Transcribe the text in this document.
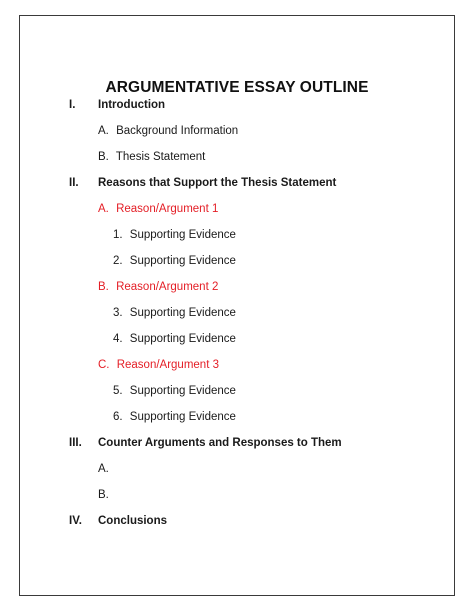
ARGUMENTATIVE ESSAY OUTLINE
I. Introduction
A. Background Information
B. Thesis Statement
II. Reasons that Support the Thesis Statement
A. Reason/Argument 1
1. Supporting Evidence
2. Supporting Evidence
B. Reason/Argument 2
3. Supporting Evidence
4. Supporting Evidence
C. Reason/Argument 3
5. Supporting Evidence
6. Supporting Evidence
III. Counter Arguments and Responses to Them
A.
B.
IV. Conclusions
